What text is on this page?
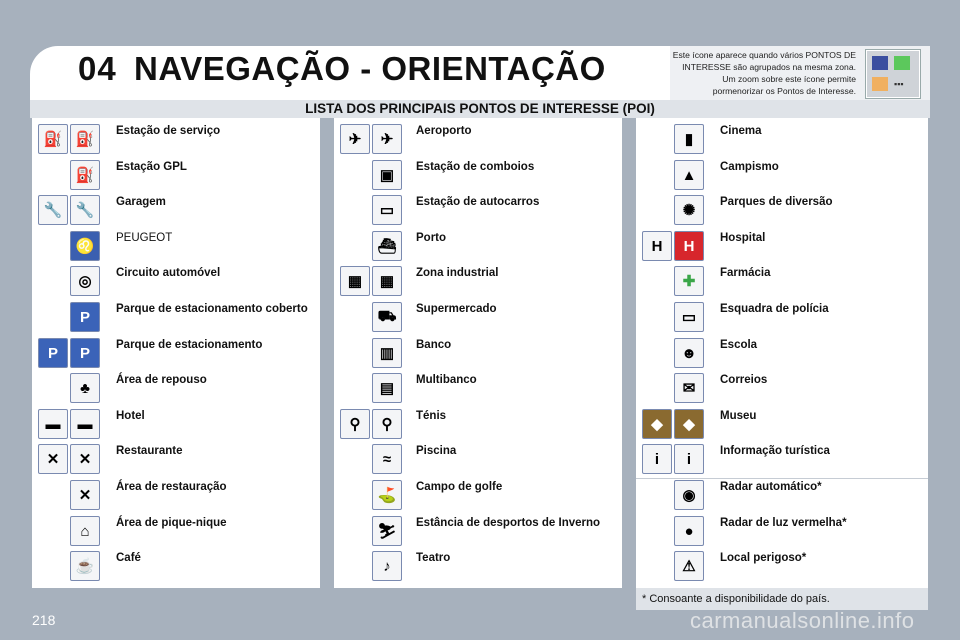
04 NAVEGAÇÃO - ORIENTAÇÃO	Este ícone aparece quando vários PONTOS DE INTERESSE são agrupados na mesma zona. Um zoom sobre este ícone permite pormenorizar os Pontos de Interesse.
▪▪▪
LISTA DOS PRINCIPAIS PONTOS DE INTERESSE (POI)
⛽ ⛽	Estação de serviço
⛽	Estação GPL
🔧 🔧	Garagem
♌	PEUGEOT
◎	Circuito automóvel
P	Parque de estacionamento coberto
P	P	Parque de estacionamento
♣	Área de repouso
▬	▬	Hotel
✕	✕	Restaurante
✕	Área de restauração
⌂	Área de pique-nique
☕	Café
✈	✈	Aeroporto
▣	Estação de comboios
▭	Estação de autocarros
⛴	Porto
▦	▦	Zona industrial
⛟	Supermercado
▥	Banco
▤	Multibanco
⚲	⚲	Ténis
≈	Piscina
⛳	Campo de golfe
⛷	Estância de desportos de Inverno
♪	Teatro
▮	Cinema
▲	Campismo
✺	Parques de diversão
H	H	Hospital
✚	Farmácia
▭	Esquadra de polícia
☻	Escola
✉	Correios
◆	◆	Museu
i	i	Informação turística
◉	Radar automático*
●	Radar de luz vermelha*
⚠	Local perigoso*
* Consoante a disponibilidade do país.
218	carmanualsonline.info
